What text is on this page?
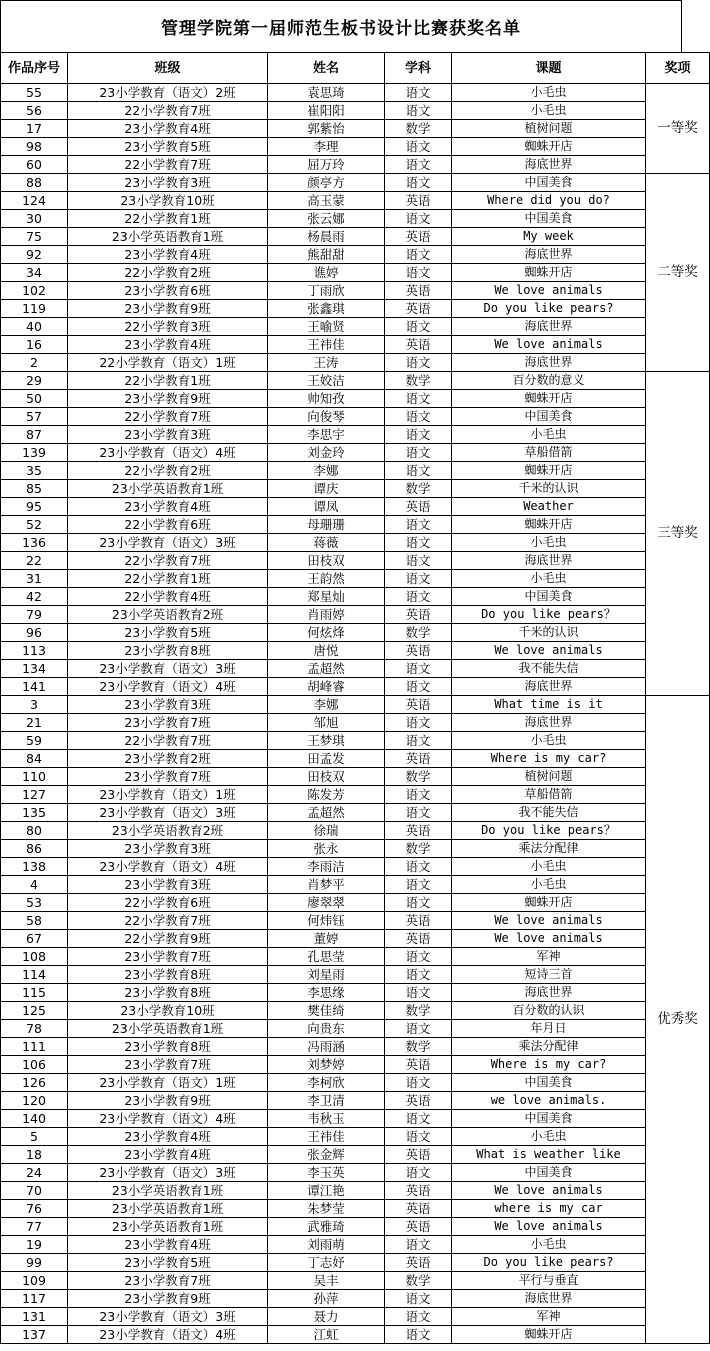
管理学院第一届师范生板书设计比赛获奖名单
作品序号	班级	姓名	学科	课题	奖项
55	23小学教育（语文）2班	袁思琦	语文	小毛虫	一等奖
56	22小学教育7班	崔阳阳	语文	小毛虫	
17	23小学教育4班	郭紫怡	数学	植树问题	
98	23小学教育5班	李理	语文	蜘蛛开店	
60	22小学教育7班	屈万玲	语文	海底世界	
88	23小学教育3班	颜亭方	语文	中国美食	二等奖
124	23小学教育10班	高玉蒙	英语	Where did you do?	
30	22小学教育1班	张云娜	语文	中国美食	
75	23小学英语教育1班	杨晨雨	英语	My week	
92	23小学教育4班	熊甜甜	语文	海底世界	
34	22小学教育2班	谯婷	语文	蜘蛛开店	
102	23小学教育6班	丁雨欣	英语	We love animals	
119	23小学教育9班	张鑫琪	英语	Do you like pears?	
40	22小学教育3班	王喻贤	语文	海底世界	
16	23小学教育4班	王祎佳	英语	We love animals	
2	22小学教育（语文）1班	王涛	语文	海底世界	
29	22小学教育1班	王姣洁	数学	百分数的意义	三等奖
50	23小学教育9班	帅知孜	语文	蜘蛛开店	
57	22小学教育7班	向俊琴	语文	中国美食	
87	23小学教育3班	李思宇	语文	小毛虫	
139	23小学教育（语文）4班	刘金玲	语文	草船借箭	
35	22小学教育2班	李娜	语文	蜘蛛开店	
85	23小学英语教育1班	谭庆	数学	千米的认识	
95	23小学教育4班	谭凤	英语	Weather	
52	22小学教育6班	母珊珊	语文	蜘蛛开店	
136	23小学教育（语文）3班	蒋薇	语文	小毛虫	
22	22小学教育7班	田枝双	语文	海底世界	
31	22小学教育1班	王韵然	语文	小毛虫	
42	22小学教育4班	郑星灿	语文	中国美食	
79	23小学英语教育2班	肖雨婷	英语	Do you like pears？	
96	23小学教育5班	何炫烽	数学	千米的认识	
113	23小学教育8班	唐悦	英语	We love animals	
134	23小学教育（语文）3班	孟超然	语文	我不能失信	
141	23小学教育（语文）4班	胡峰睿	语文	海底世界	
3	23小学教育3班	李娜	英语	What time is it	优秀奖
21	23小学教育7班	邹旭	语文	海底世界	
59	22小学教育7班	王梦琪	语文	小毛虫	
84	23小学教育2班	田孟发	英语	Where is my car?	
110	23小学教育7班	田枝双	数学	植树问题	
127	23小学教育（语文）1班	陈发芳	语文	草船借箭	
135	23小学教育（语文）3班	孟超然	语文	我不能失信	
80	23小学英语教育2班	徐瑞	英语	Do you like pears？	
86	23小学教育3班	张永	数学	乘法分配律	
138	23小学教育（语文）4班	李雨洁	语文	小毛虫	
4	23小学教育3班	肖梦平	语文	小毛虫	
53	22小学教育6班	廖翠翠	语文	蜘蛛开店	
58	22小学教育7班	何炜钰	英语	We love animals	
67	22小学教育9班	董婷	英语	We love animals	
108	23小学教育7班	孔思莹	语文	军神	
114	23小学教育8班	刘星雨	语文	短诗三首	
115	23小学教育8班	李思缘	语文	海底世界	
125	23小学教育10班	樊佳绮	数学	百分数的认识	
78	23小学英语教育1班	向贵东	语文	年月日	
111	23小学教育8班	冯雨涵	数学	乘法分配律	
106	23小学教育7班	刘梦婷	英语	Where is my car?	
126	23小学教育（语文）1班	李柯欣	语文	中国美食	
120	23小学教育9班	李卫清	英语	we love animals.	
140	23小学教育（语文）4班	韦秋玉	语文	中国美食	
5	23小学教育4班	王祎佳	语文	小毛虫	
18	23小学教育4班	张金辉	英语	What is weather like	
24	23小学教育（语文）3班	李玉英	语文	中国美食	
70	23小学英语教育1班	谭江艳	英语	We love animals	
76	23小学英语教育1班	朱梦莹	英语	where is my car	
77	23小学英语教育1班	武雅琦	英语	We love animals	
19	23小学教育4班	刘雨萌	语文	小毛虫	
99	23小学教育5班	丁志妤	英语	Do you like pears?	
109	23小学教育7班	吴丰	数学	平行与垂直	
117	23小学教育9班	孙萍	语文	海底世界	
131	23小学教育（语文）3班	聂力	语文	军神	
137	23小学教育（语文）4班	江虹	语文	蜘蛛开店	
